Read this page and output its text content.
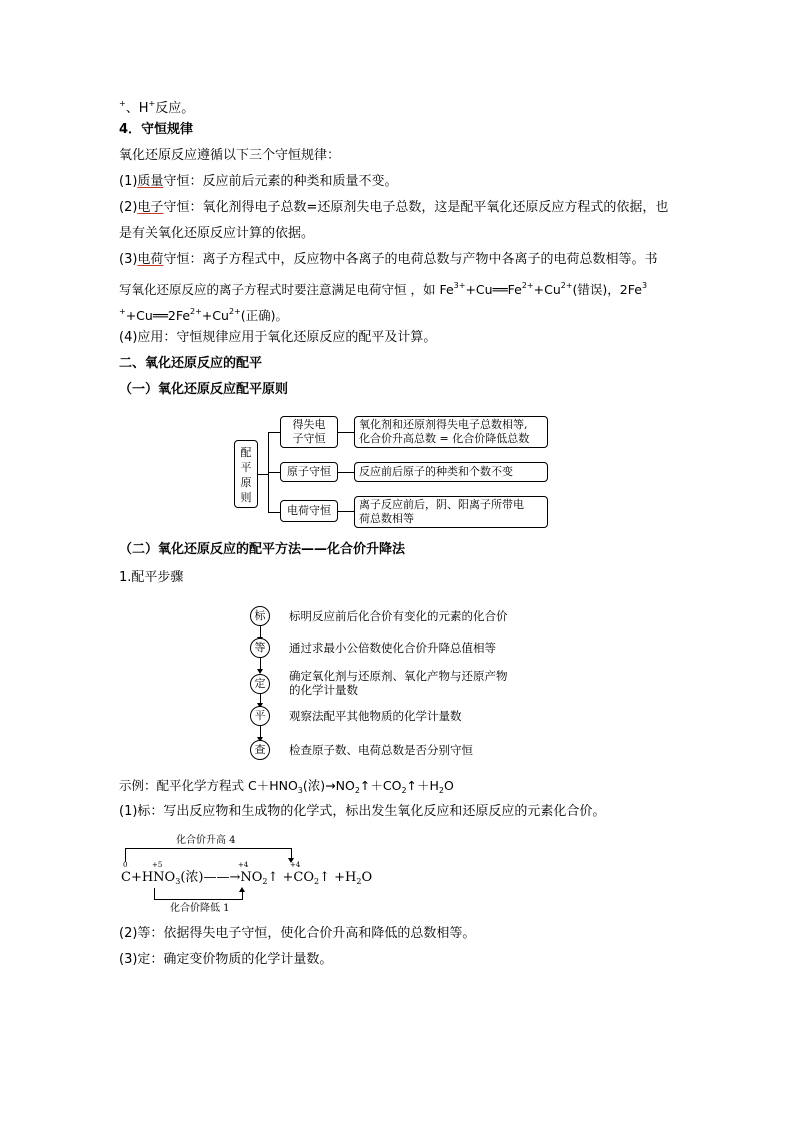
+、H+反应。
4．守恒规律
氧化还原反应遵循以下三个守恒规律：
(1)质量守恒：反应前后元素的种类和质量不变。
(2)电子守恒：氧化剂得电子总数=还原剂失电子总数，这是配平氧化还原反应方程式的依据，也
是有关氧化还原反应计算的依据。
(3)电荷守恒：离子方程式中，反应物中各离子的电荷总数与产物中各离子的电荷总数相等。书
写氧化还原反应的离子方程式时要注意满足电荷守恒 ，如 $Fe^{3+}+Cu══Fe^{2+}+Cu^{2+}$(错误)，2Fe$^3$
$^++Cu══2Fe^{2+}+Cu^{2+}$(正确)。
(4)应用：守恒规律应用于氧化还原反应的配平及计算。
二、氧化还原反应的配平
（一）氧化还原反应配平原则
配
平
原
则
得失电
子守恒
氧化剂和还原剂得失电子总数相等,
化合价升高总数 = 化合价降低总数
原子守恒	反应前后原子的种类和个数不变
电荷守恒	离子反应前后，阴、阳离子所带电
荷总数相等
（二）氧化还原反应的配平方法——化合价升降法
1.配平步骤
标	标明反应前后化合价有变化的元素的化合价
等	通过求最小公倍数使化合价升降总值相等
定
确定氧化剂与还原剂、氧化产物与还原产物
的化学计量数
平	观察法配平其他物质的化学计量数
查	检查原子数、电荷总数是否分别守恒
示例：配平化学方程式 $C+HNO_3$(浓)$\to NO_2↑+CO_2↑+H_2O$
(1)标：写出反应物和生成物的化学式，标出发生氧化反应和还原反应的元素化合价。
化合价升高 4
0	+5	+4	+4
$C+HNO_3$(浓)$——\to NO_2↑$ $+CO_2↑ +H_2O$
化合价降低 1
(2)等：依据得失电子守恒，使化合价升高和降低的总数相等。
(3)定：确定变价物质的化学计量数。
